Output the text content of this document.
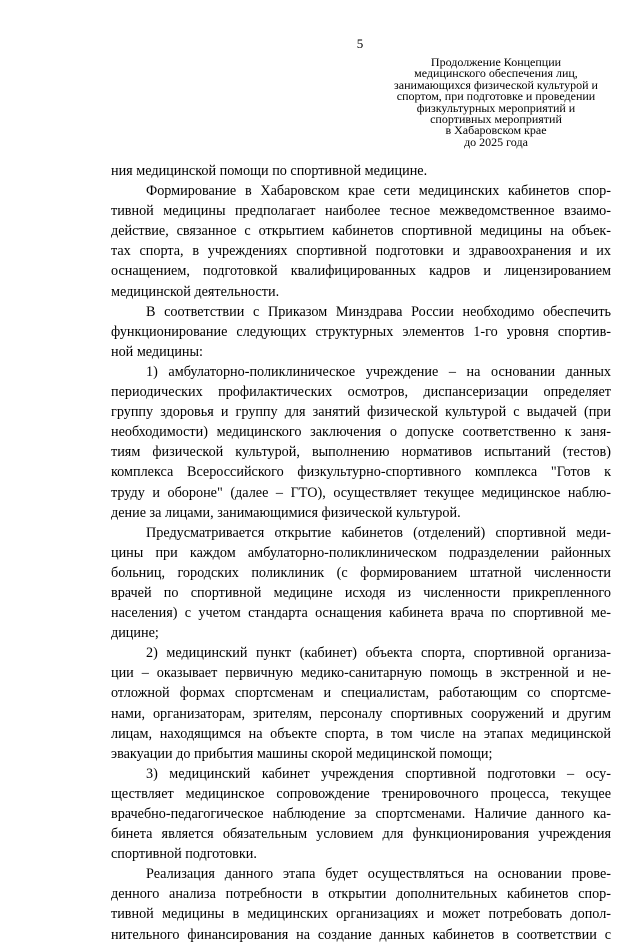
5
Продолжение Концепции
медицинского обеспечения лиц,
занимающихся физической культурой и
спортом, при подготовке и проведении
физкультурных мероприятий и
спортивных мероприятий
в Хабаровском крае
до 2025 года
ния медицинской помощи по спортивной медицине.
Формирование в Хабаровском крае сети медицинских кабинетов спор-
тивной медицины предполагает наиболее тесное межведомственное взаимо-
действие, связанное с открытием кабинетов спортивной медицины на объек-
тах спорта, в учреждениях спортивной подготовки и здравоохранения и их
оснащением, подготовкой квалифицированных кадров и лицензированием
медицинской деятельности.
В соответствии с Приказом Минздрава России необходимо обеспечить
функционирование следующих структурных элементов 1-го уровня спортив-
ной медицины:
1) амбулаторно-поликлиническое учреждение – на основании данных
периодических профилактических осмотров, диспансеризации определяет
группу здоровья и группу для занятий физической культурой с выдачей (при
необходимости) медицинского заключения о допуске соответственно к заня-
тиям физической культурой, выполнению нормативов испытаний (тестов)
комплекса Всероссийского физкультурно-спортивного комплекса "Готов к
труду и обороне" (далее – ГТО), осуществляет текущее медицинское наблю-
дение за лицами, занимающимися физической культурой.
Предусматривается открытие кабинетов (отделений) спортивной меди-
цины при каждом амбулаторно-поликлиническом подразделении районных
больниц, городских поликлиник (с формированием штатной численности
врачей по спортивной медицине исходя из численности прикрепленного
населения) с учетом стандарта оснащения кабинета врача по спортивной ме-
дицине;
2) медицинский пункт (кабинет) объекта спорта, спортивной организа-
ции – оказывает первичную медико-санитарную помощь в экстренной и не-
отложной формах спортсменам и специалистам, работающим со спортсме-
нами, организаторам, зрителям, персоналу спортивных сооружений и другим
лицам, находящимся на объекте спорта, в том числе на этапах медицинской
эвакуации до прибытия машины скорой медицинской помощи;
3) медицинский кабинет учреждения спортивной подготовки – осу-
ществляет медицинское сопровождение тренировочного процесса, текущее
врачебно-педагогическое наблюдение за спортсменами. Наличие данного ка-
бинета является обязательным условием для функционирования учреждения
спортивной подготовки.
Реализация данного этапа будет осуществляться на основании прове-
денного анализа потребности в открытии дополнительных кабинетов спор-
тивной медицины в медицинских организациях и может потребовать допол-
нительного финансирования на создание данных кабинетов в соответствии с
